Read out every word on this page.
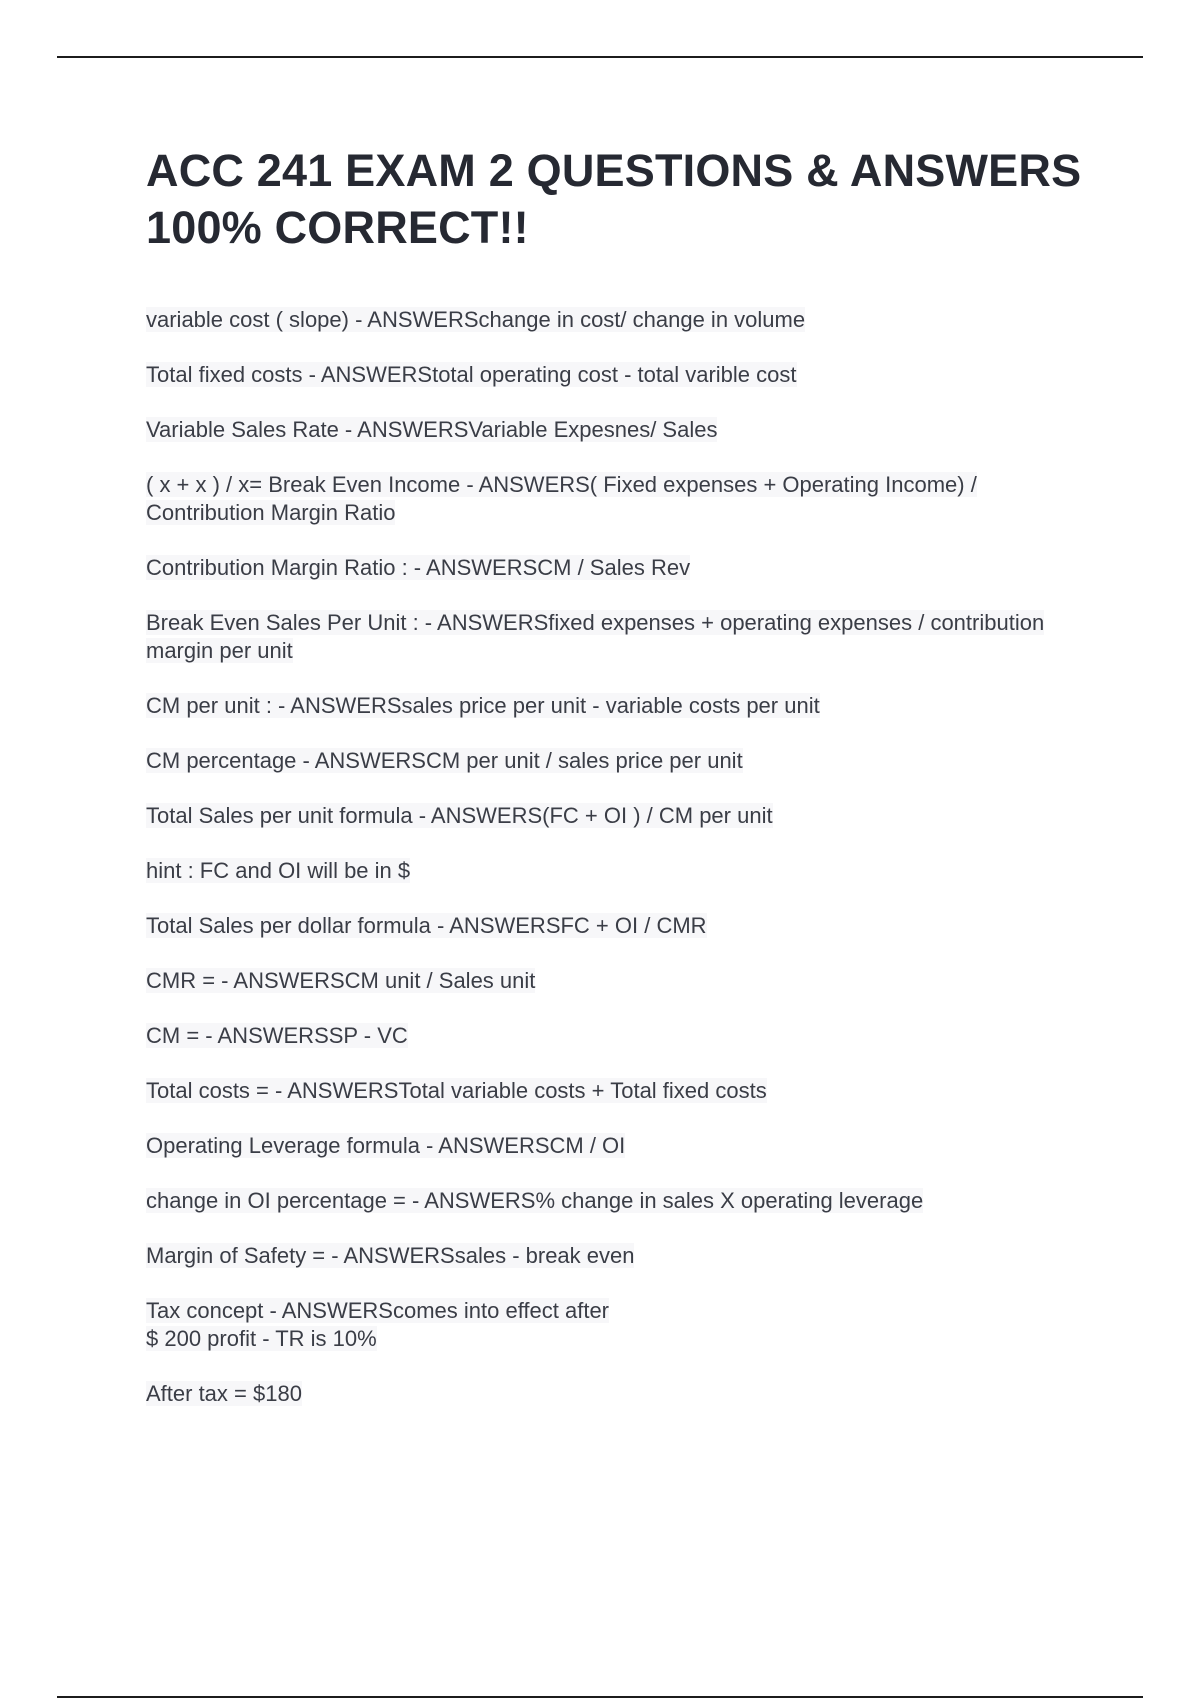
ACC 241 EXAM 2 QUESTIONS & ANSWERS 100% CORRECT!!
variable cost ( slope) - ANSWERSchange in cost/ change in volume
Total fixed costs - ANSWERStotal operating cost - total varible cost
Variable Sales Rate - ANSWERSVariable Expesnes/ Sales
( x + x ) / x= Break Even Income - ANSWERS( Fixed expenses + Operating Income) / Contribution Margin Ratio
Contribution Margin Ratio : - ANSWERSCM / Sales Rev
Break Even Sales Per Unit : - ANSWERSfixed expenses + operating expenses / contribution margin per unit
CM per unit : - ANSWERSsales price per unit - variable costs per unit
CM percentage - ANSWERSCM per unit / sales price per unit
Total Sales per unit formula - ANSWERS(FC + OI ) / CM per unit
hint : FC and OI will be in $
Total Sales per dollar formula - ANSWERSFC + OI / CMR
CMR = - ANSWERSCM unit / Sales unit
CM = - ANSWERSSP - VC
Total costs = - ANSWERSTotal variable costs + Total fixed costs
Operating Leverage formula - ANSWERSCM / OI
change in OI percentage = - ANSWERS% change in sales X operating leverage
Margin of Safety = - ANSWERSsales - break even
Tax concept - ANSWERScomes into effect after
$ 200 profit - TR is 10%
After tax = $180
